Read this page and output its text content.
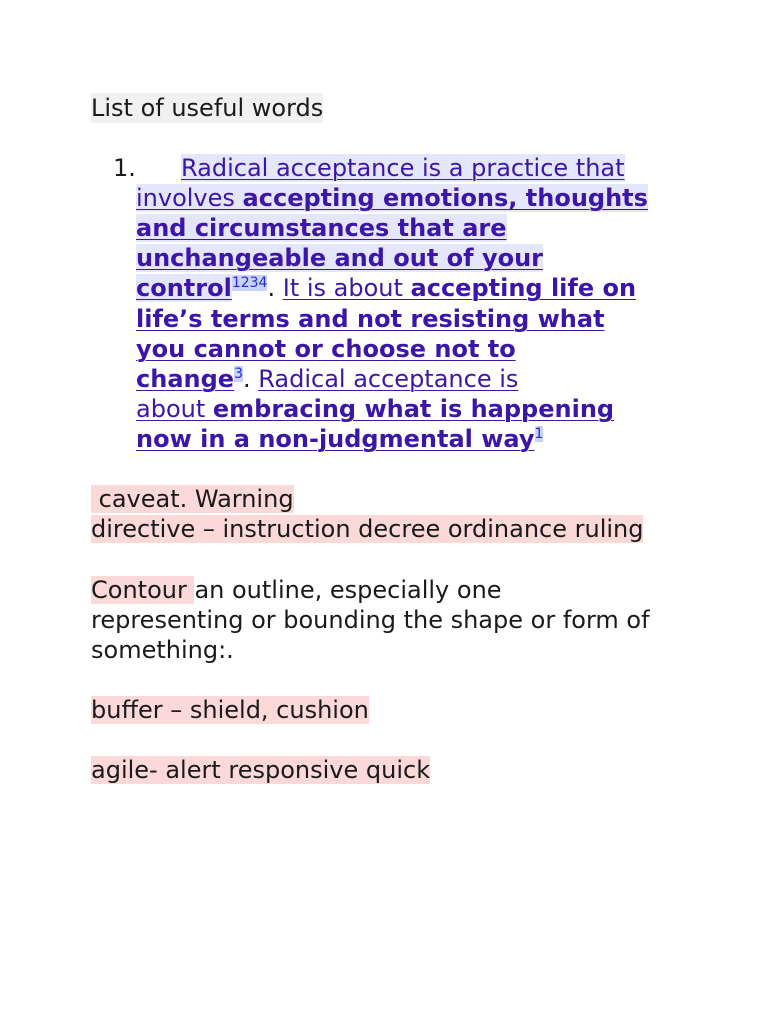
List of useful words
1. Radical acceptance is a practice that
involves accepting emotions, thoughts
and circumstances that are
unchangeable and out of your
control$^{1234}$. It is about accepting life on
life’s terms and not resisting what
you cannot or choose not to
change$^3$. Radical acceptance is
about embracing what is happening
now in a non-judgmental way$^1$
caveat. Warning
directive – instruction decree ordinance ruling
Contour an outline, especially one
representing or bounding the shape or form of
something:.
buffer – shield, cushion
agile- alert responsive quick
